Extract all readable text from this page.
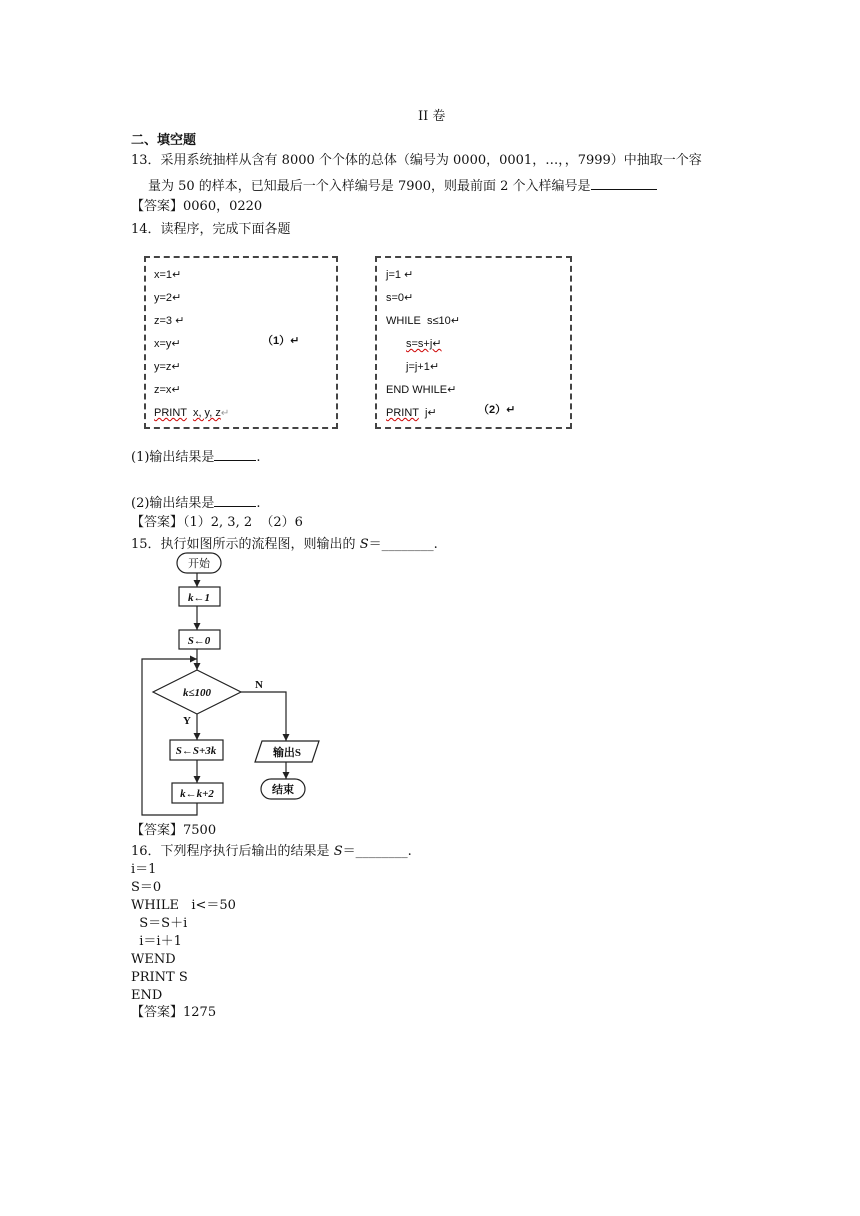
II 卷
二、填空题
13．采用系统抽样从含有 8000 个个体的总体（编号为 0000，0001，…，，7999）中抽取一个容
量为 50 的样本，已知最后一个入样编号是 7900，则最前面 2 个入样编号是
【答案】0060，0220
14．读程序，完成下面各题
x=1↵
y=2↵
z=3 ↵
x=y↵
y=z↵
z=x↵
PRINT x, y, z↵
（1）↵
j=1 ↵
s=0↵
WHILE  s≤10↵
s=s+j↵
j=j+1↵
END WHILE↵
PRINT j↵	（2）↵
(1)输出结果是	.
(2)输出结果是	.
【答案】（1）2, 3, 2  （2）6
15．执行如图所示的流程图，则输出的 S＝________.
开始
k←1
S←0
k≤100
S←S+3k
k←k+2
输出S
结束
N
Y
【答案】7500
16．下列程序执行后输出的结果是 S＝________.
i＝1
S＝0
WHILE   i<＝50
S＝S＋i
i＝i＋1
WEND
PRINT S
END
【答案】1275
